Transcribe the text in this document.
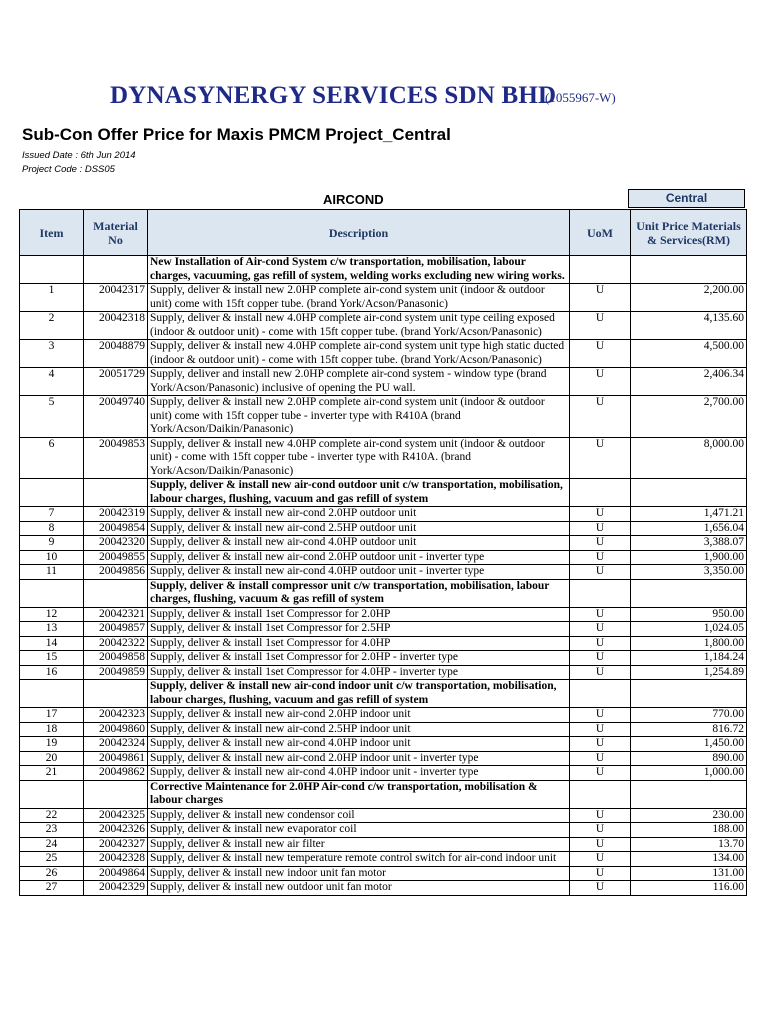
DYNASYNERGY SERVICES SDN BHD
(1055967-W)
Sub-Con Offer Price for Maxis PMCM Project_Central
Issued Date : 6th Jun 2014
Project Code : DSS05
AIRCOND	Central
Item	Material No	Description	UoM	Unit Price Materials & Services(RM)
		New Installation of Air-cond System c/w transportation, mobilisation, labour charges, vacuuming, gas refill of system, welding works excluding new wiring works.		
1	20042317	Supply, deliver & install new 2.0HP complete air-cond system unit (indoor & outdoor unit) come with 15ft copper tube. (brand York/Acson/Panasonic)	U	2,200.00
2	20042318	Supply, deliver & install new 4.0HP complete air-cond system unit type ceiling exposed (indoor & outdoor unit) - come with 15ft copper tube. (brand York/Acson/Panasonic)	U	4,135.60
3	20048879	Supply, deliver & install new 4.0HP complete air-cond system unit type high static ducted (indoor & outdoor unit) - come with 15ft copper tube. (brand York/Acson/Panasonic)	U	4,500.00
4	20051729	Supply, deliver and install new 2.0HP complete air-cond system - window type (brand York/Acson/Panasonic) inclusive of opening the PU wall.	U	2,406.34
5	20049740	Supply, deliver & install new 2.0HP complete air-cond system unit (indoor & outdoor unit) come with 15ft copper tube - inverter type with R410A (brand York/Acson/Daikin/Panasonic)	U	2,700.00
6	20049853	Supply, deliver & install new 4.0HP complete air-cond system unit (indoor & outdoor unit) - come with 15ft copper tube - inverter type with R410A. (brand York/Acson/Daikin/Panasonic)	U	8,000.00
		Supply, deliver & install new air-cond outdoor unit c/w transportation, mobilisation, labour charges, flushing, vacuum and gas refill of system		
7	20042319	Supply, deliver & install new air-cond 2.0HP outdoor unit	U	1,471.21
8	20049854	Supply, deliver & install new air-cond 2.5HP outdoor unit	U	1,656.04
9	20042320	Supply, deliver & install new air-cond 4.0HP outdoor unit	U	3,388.07
10	20049855	Supply, deliver & install new air-cond 2.0HP outdoor unit - inverter type	U	1,900.00
11	20049856	Supply, deliver & install new air-cond 4.0HP outdoor unit - inverter type	U	3,350.00
		Supply, deliver & install compressor unit c/w transportation, mobilisation, labour charges, flushing, vacuum & gas refill of system		
12	20042321	Supply, deliver & install 1set Compressor for 2.0HP	U	950.00
13	20049857	Supply, deliver & install 1set Compressor for 2.5HP	U	1,024.05
14	20042322	Supply, deliver & install 1set Compressor for 4.0HP	U	1,800.00
15	20049858	Supply, deliver & install 1set Compressor for 2.0HP - inverter type	U	1,184.24
16	20049859	Supply, deliver & install 1set Compressor for 4.0HP - inverter type	U	1,254.89
		Supply, deliver & install new air-cond indoor unit c/w transportation, mobilisation, labour charges, flushing, vacuum and gas refill of system		
17	20042323	Supply, deliver & install new air-cond 2.0HP indoor unit	U	770.00
18	20049860	Supply, deliver & install new air-cond 2.5HP indoor unit	U	816.72
19	20042324	Supply, deliver & install new air-cond 4.0HP indoor unit	U	1,450.00
20	20049861	Supply, deliver & install new air-cond 2.0HP indoor unit - inverter type	U	890.00
21	20049862	Supply, deliver & install new air-cond 4.0HP indoor unit - inverter type	U	1,000.00
		Corrective Maintenance for 2.0HP Air-cond c/w transportation, mobilisation & labour charges		
22	20042325	Supply, deliver & install new condensor coil	U	230.00
23	20042326	Supply, deliver & install new evaporator coil	U	188.00
24	20042327	Supply, deliver & install new air filter	U	13.70
25	20042328	Supply, deliver & install new temperature remote control switch for air-cond indoor unit	U	134.00
26	20049864	Supply, deliver & install new indoor unit fan motor	U	131.00
27	20042329	Supply, deliver & install new outdoor unit fan motor	U	116.00
